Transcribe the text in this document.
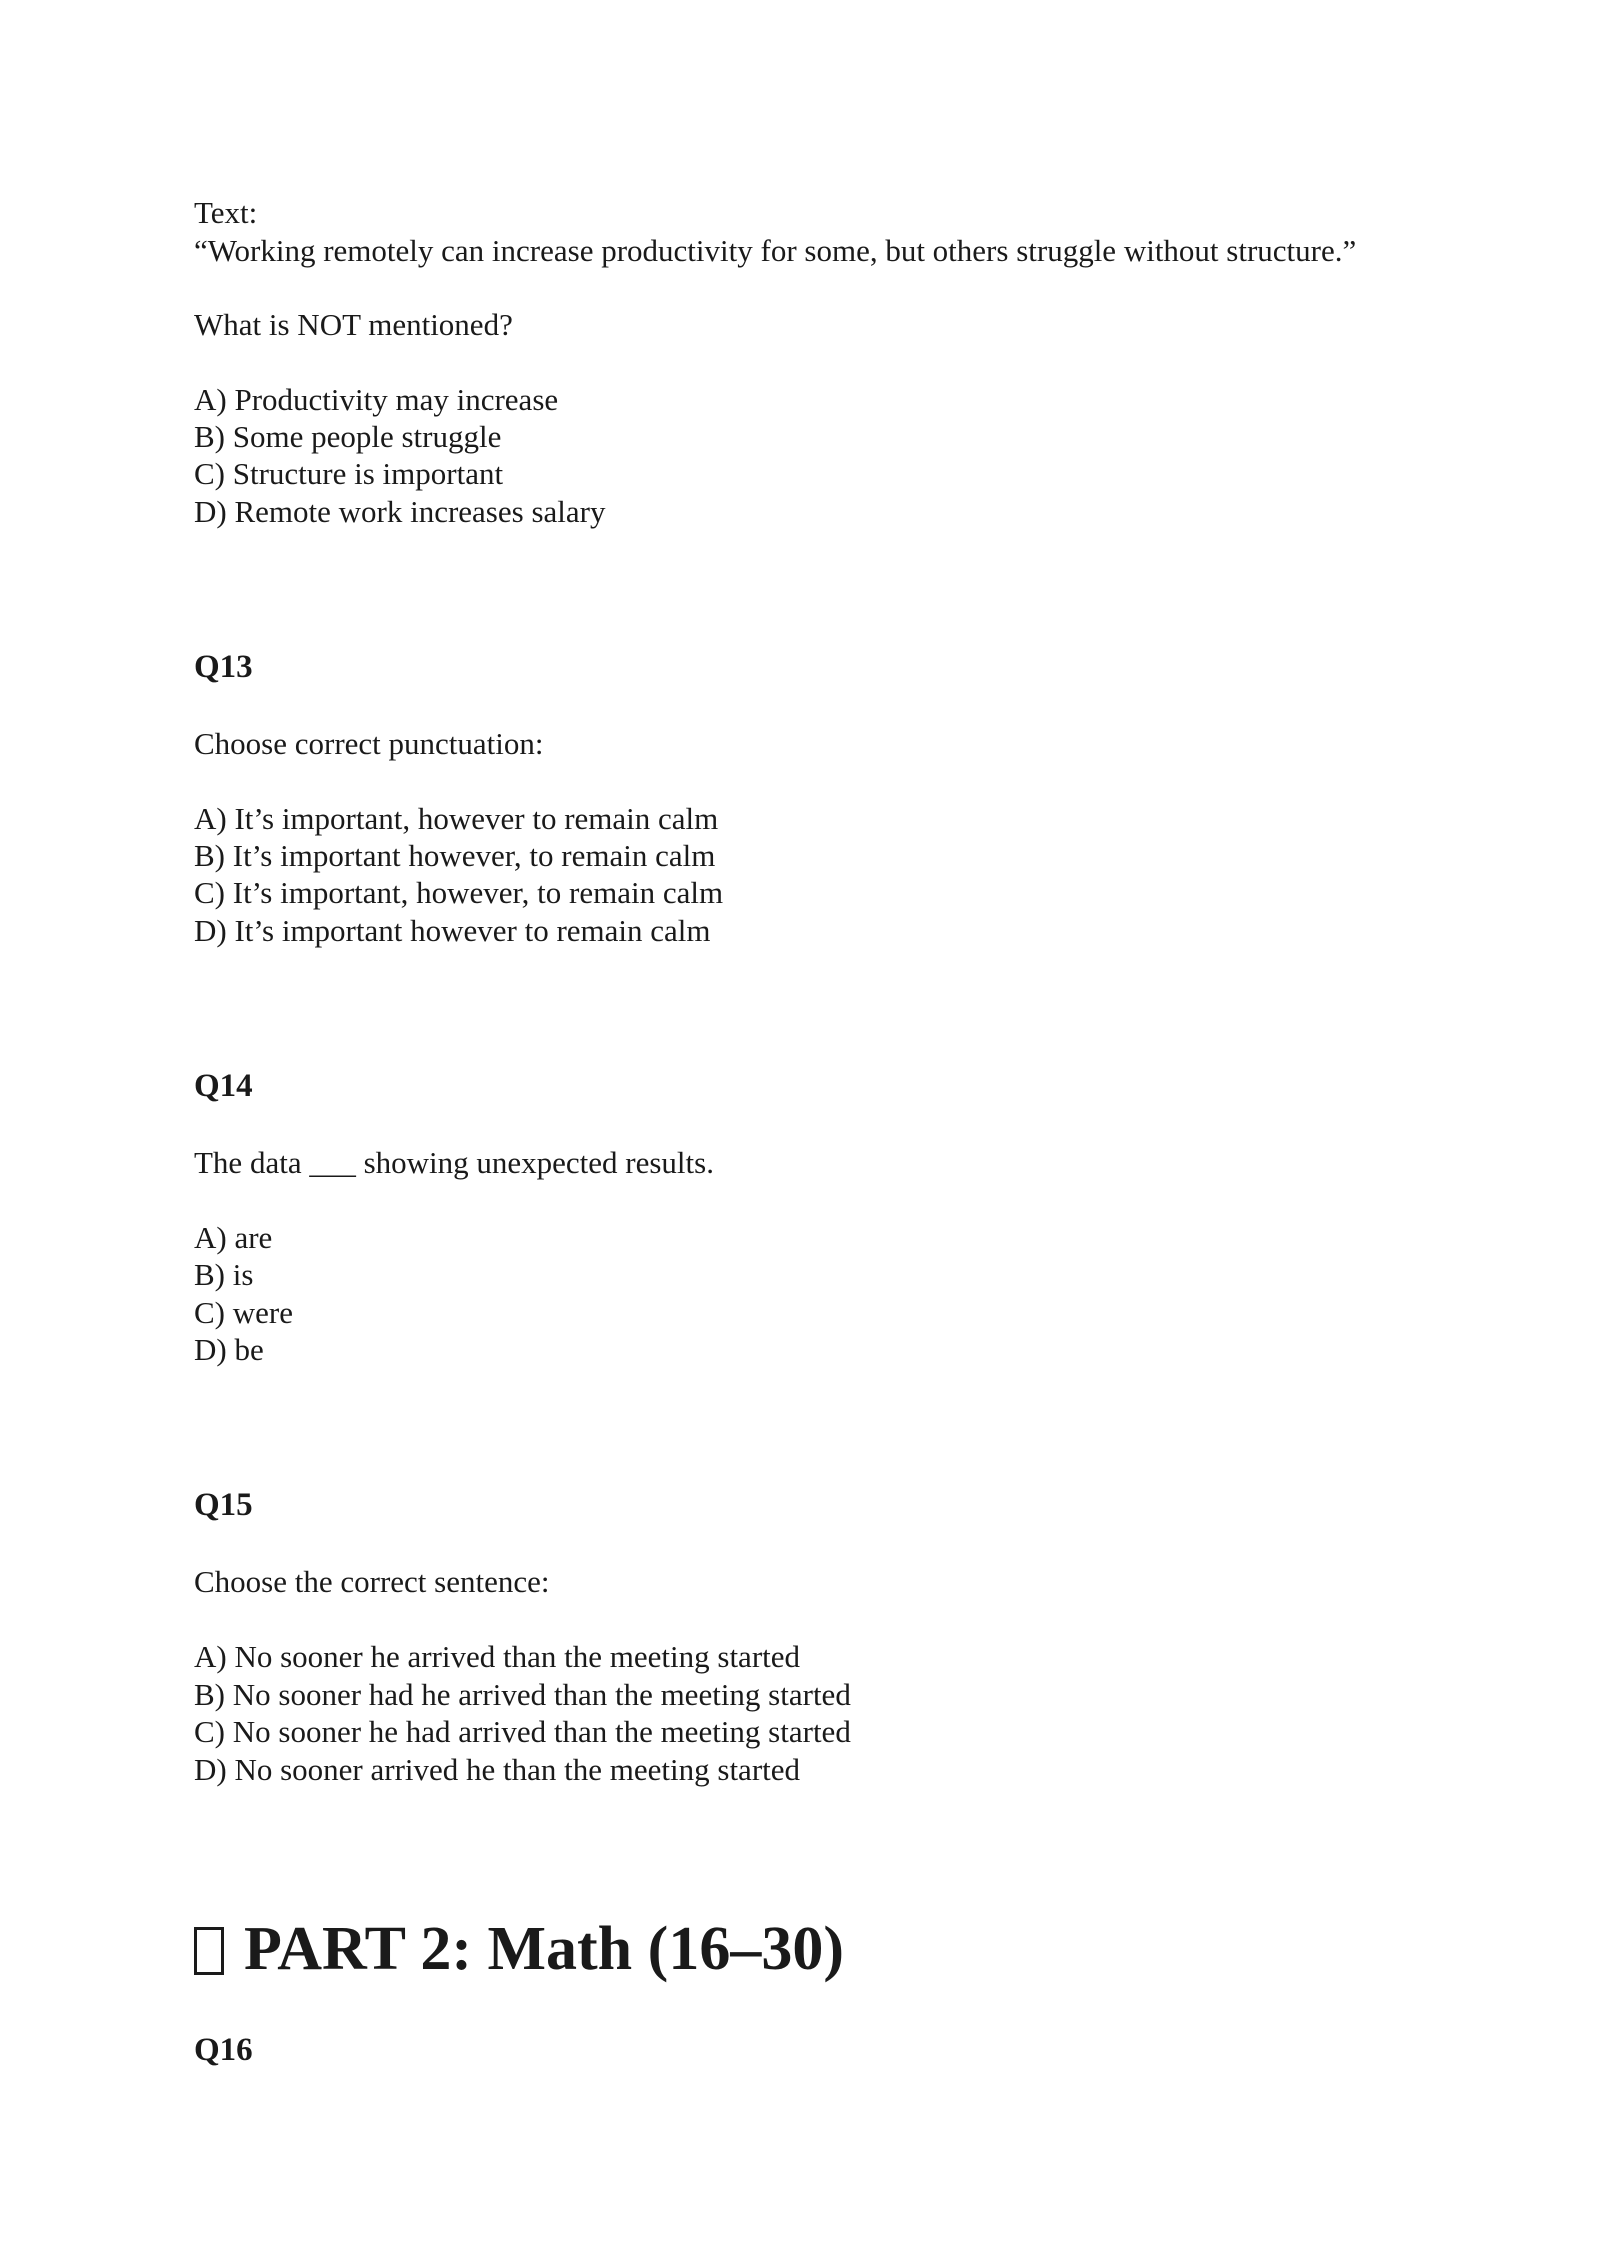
Text:
“Working remotely can increase productivity for some, but others struggle without structure.”
What is NOT mentioned?
A) Productivity may increase
B) Some people struggle
C) Structure is important
D) Remote work increases salary
Q13
Choose correct punctuation:
A) It’s important, however to remain calm
B) It’s important however, to remain calm
C) It’s important, however, to remain calm
D) It’s important however to remain calm
Q14
The data ___ showing unexpected results.
A) are
B) is
C) were
D) be
Q15
Choose the correct sentence:
A) No sooner he arrived than the meeting started
B) No sooner had he arrived than the meeting started
C) No sooner he had arrived than the meeting started
D) No sooner arrived he than the meeting started
PART 2: Math (16–30)
Q16
